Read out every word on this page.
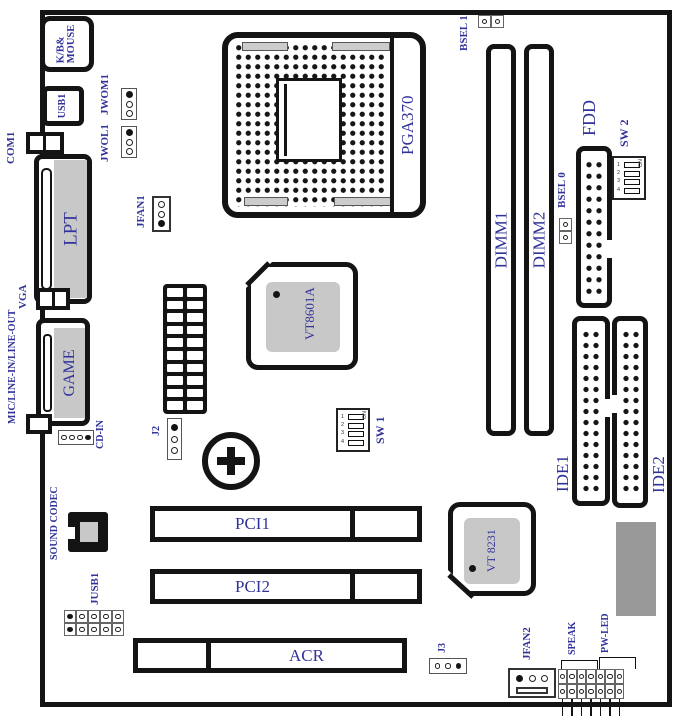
K/B& MOUSE
USB1
COM1
LPT
VGA
MIC/LINE-IN/LINE-OUT	GAME
CD-IN
SOUND CODEC
JUSB1
JWOM1
JWOL1
JFAN1
J2
ON
1
2
3
4 SW 1
PGA370
VT8601A
BSEL 1
DIMM1 DIMM2
BSEL 0
FDD SW 2
ON
1
2
3
4
IDE1	IDE2
VT 8231
PCI1
PCI2
ACR	J3	JFAN2	SPEAK PW-LED
